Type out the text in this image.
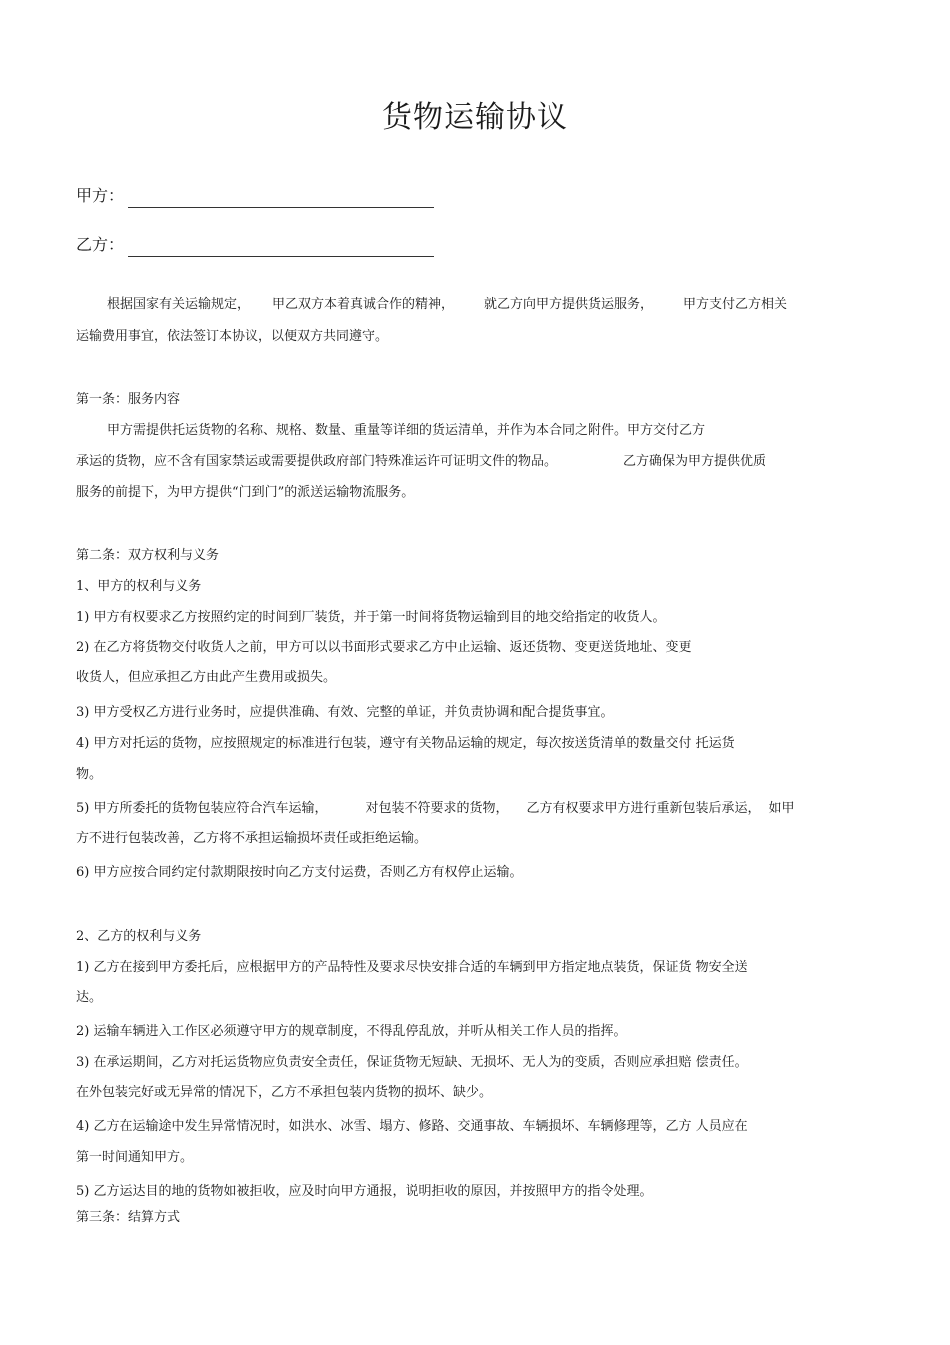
货物运输协议
甲方：
乙方：
根据国家有关运输规定， 甲乙双方本着真诚合作的精神， 就乙方向甲方提供货运服务， 甲方支付乙方相关
运输费用事宜，依法签订本协议，以便双方共同遵守。
第一条：服务内容
甲方需提供托运货物的名称、规格、数量、重量等详细的货运清单，并作为本合同之附件。甲方交付乙方
承运的货物，应不含有国家禁运或需要提供政府部门特殊准运许可证明文件的物品。	乙方确保为甲方提供优质
服务的前提下，为甲方提供“门到门”的派送运输物流服务。
第二条：双方权利与义务
1、甲方的权利与义务
1) 甲方有权要求乙方按照约定的时间到厂装货，并于第一时间将货物运输到目的地交给指定的收货人。
2) 在乙方将货物交付收货人之前，甲方可以以书面形式要求乙方中止运输、返还货物、变更送货地址、变更
收货人，但应承担乙方由此产生费用或损失。
3) 甲方受权乙方进行业务时，应提供准确、有效、完整的单证，并负责协调和配合提货事宜。
4) 甲方对托运的货物，应按照规定的标准进行包装，遵守有关物品运输的规定，每次按送货清单的数量交付 托运货
物。
5) 甲方所委托的货物包装应符合汽车运输，	对包装不符要求的货物， 乙方有权要求甲方进行重新包装后承运， 如甲
方不进行包装改善，乙方将不承担运输损坏责任或拒绝运输。
6) 甲方应按合同约定付款期限按时向乙方支付运费，否则乙方有权停止运输。
2、乙方的权利与义务
1) 乙方在接到甲方委托后，应根据甲方的产品特性及要求尽快安排合适的车辆到甲方指定地点装货，保证货 物安全送
达。
2) 运输车辆进入工作区必须遵守甲方的规章制度，不得乱停乱放，并听从相关工作人员的指挥。
3) 在承运期间，乙方对托运货物应负责安全责任，保证货物无短缺、无损坏、无人为的变质，否则应承担赔 偿责任。
在外包装完好或无异常的情况下，乙方不承担包装内货物的损坏、缺少。
4) 乙方在运输途中发生异常情况时，如洪水、冰雪、塌方、修路、交通事故、车辆损坏、车辆修理等，乙方 人员应在
第一时间通知甲方。
5) 乙方运达目的地的货物如被拒收，应及时向甲方通报，说明拒收的原因，并按照甲方的指令处理。
第三条：结算方式
